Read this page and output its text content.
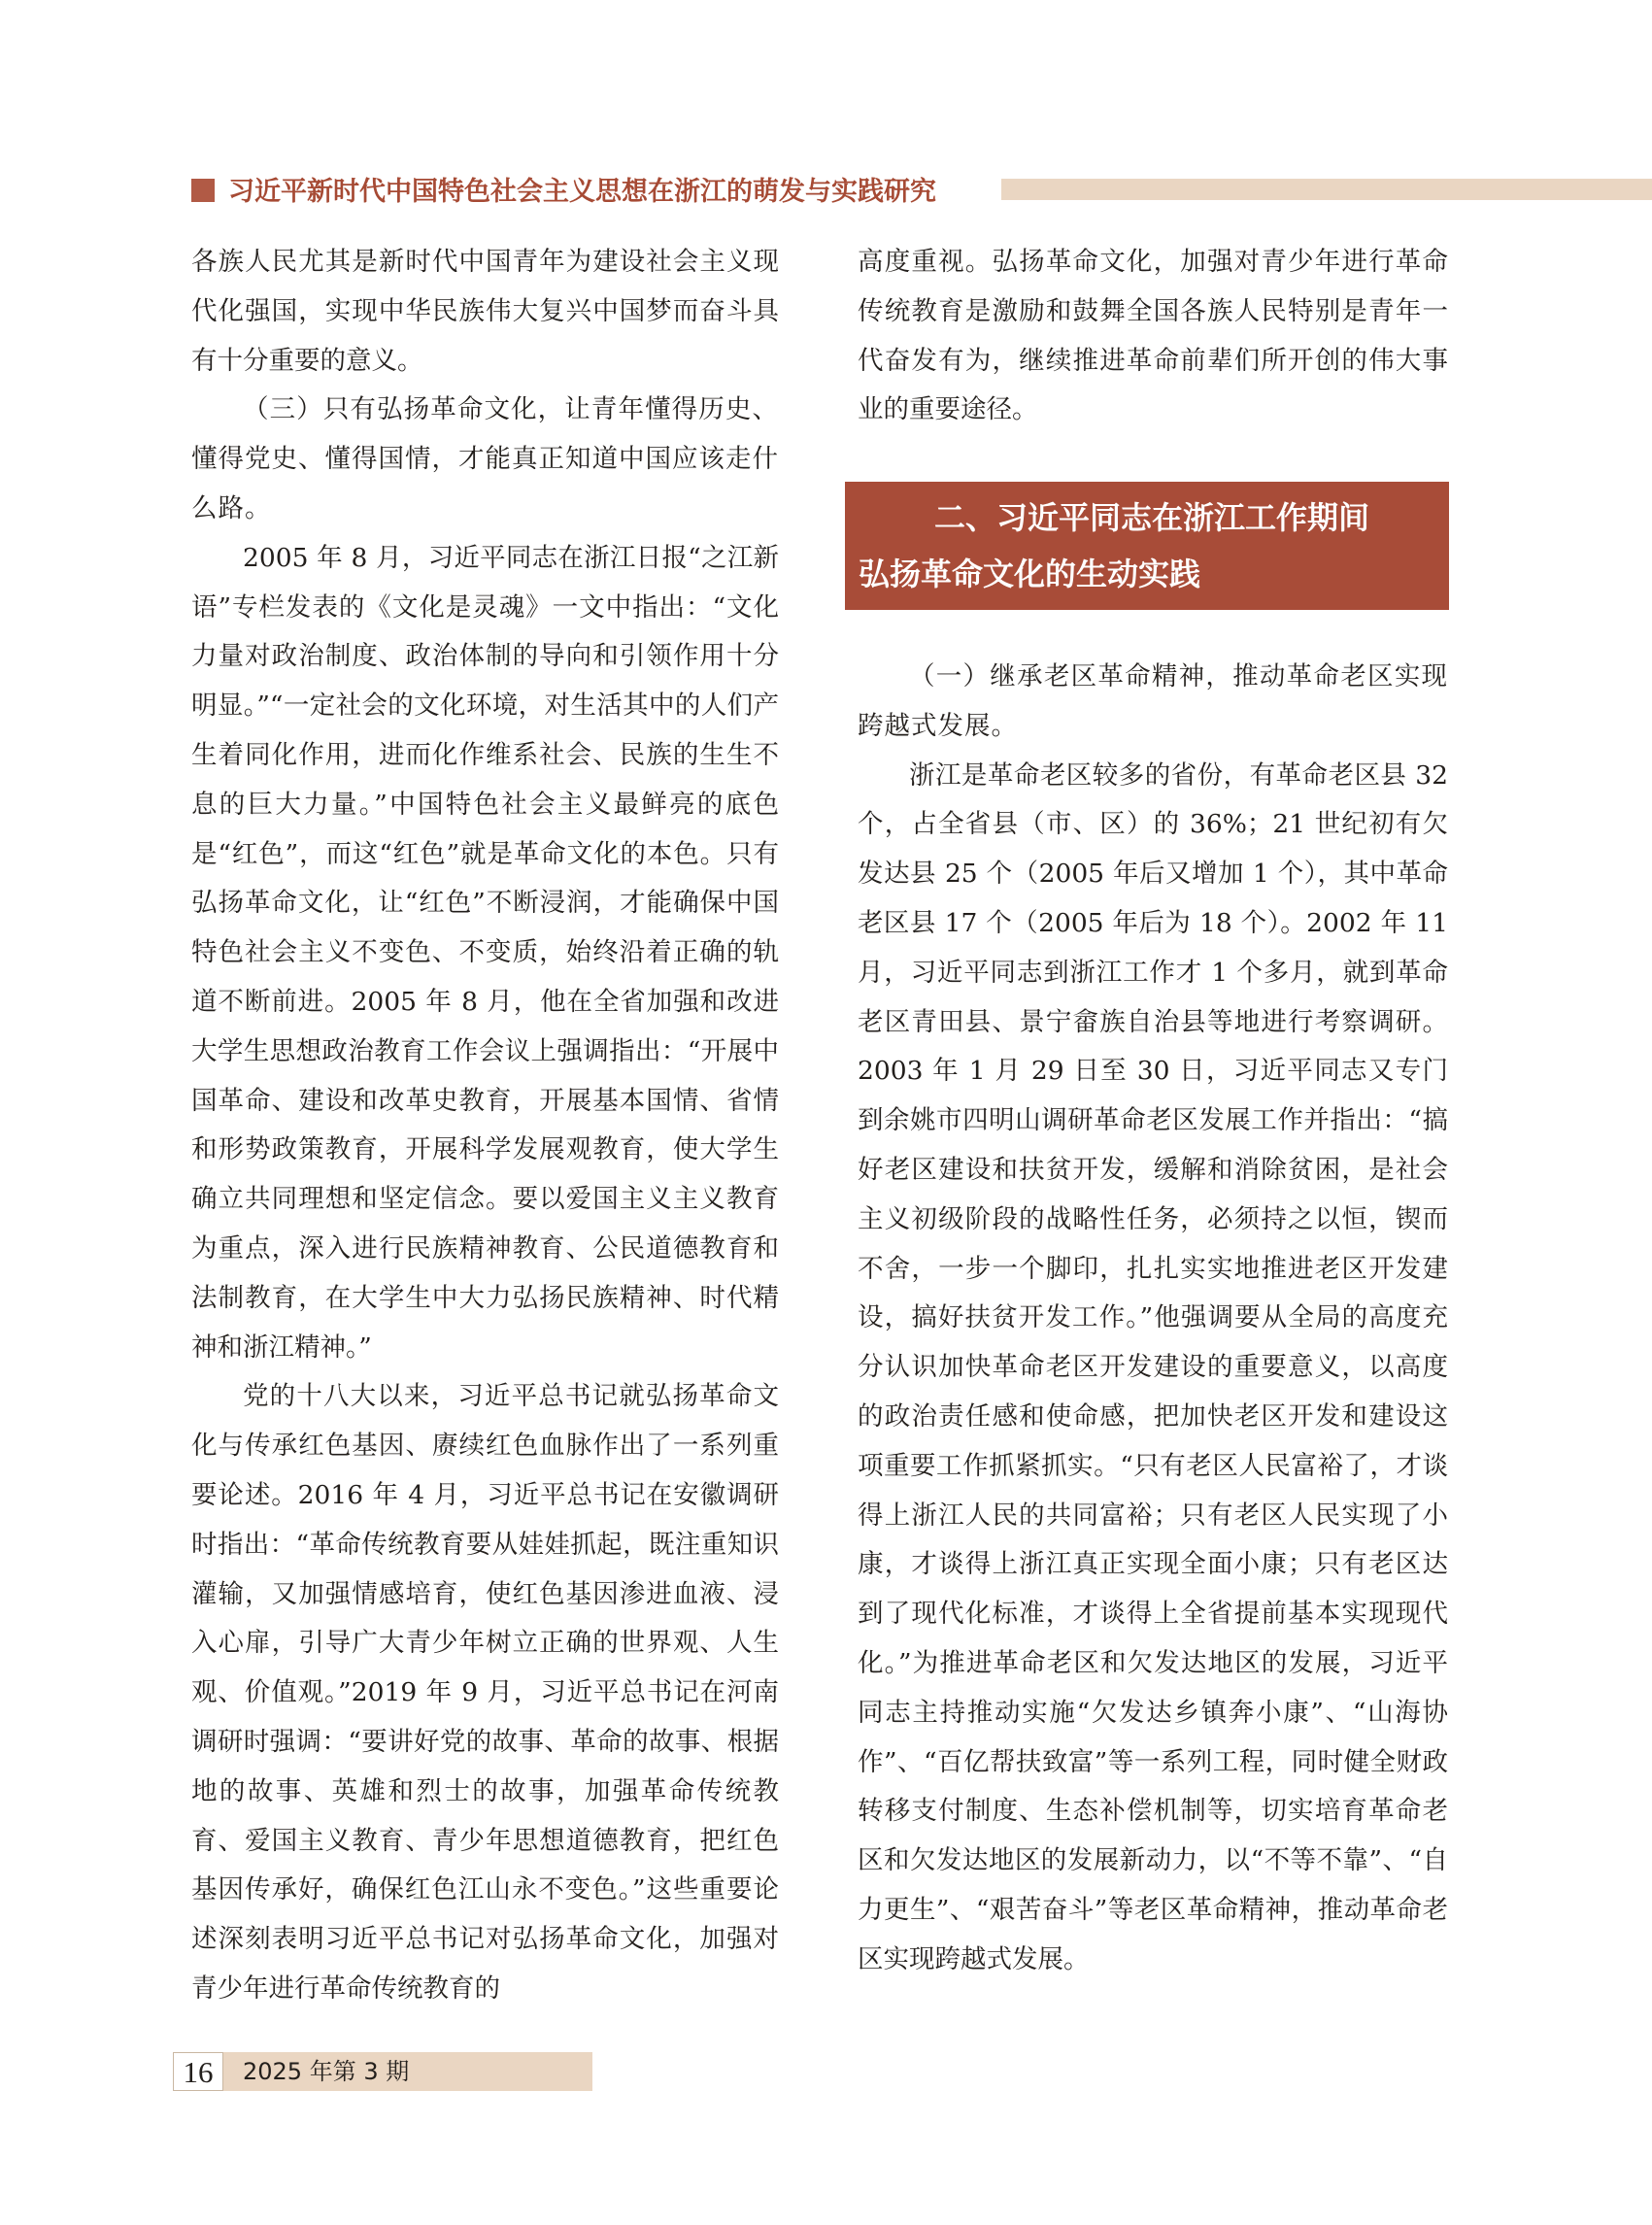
习近平新时代中国特色社会主义思想在浙江的萌发与实践研究

各族人民尤其是新时代中国青年为建设社会主义现代化强国，实现中华民族伟大复兴中国梦而奋斗具有十分重要的意义。

（三）只有弘扬革命文化，让青年懂得历史、懂得党史、懂得国情，才能真正知道中国应该走什么路。

2005 年 8 月，习近平同志在浙江日报“之江新语”专栏发表的《文化是灵魂》一文中指出：“文化力量对政治制度、政治体制的导向和引领作用十分明显。”“一定社会的文化环境，对生活其中的人们产生着同化作用，进而化作维系社会、民族的生生不息的巨大力量。”中国特色社会主义最鲜亮的底色是“红色”，而这“红色”就是革命文化的本色。只有弘扬革命文化，让“红色”不断浸润，才能确保中国特色社会主义不变色、不变质，始终沿着正确的轨道不断前进。2005 年 8 月，他在全省加强和改进大学生思想政治教育工作会议上强调指出：“开展中国革命、建设和改革史教育，开展基本国情、省情和形势政策教育，开展科学发展观教育，使大学生确立共同理想和坚定信念。要以爱国主义主义教育为重点，深入进行民族精神教育、公民道德教育和法制教育，在大学生中大力弘扬民族精神、时代精神和浙江精神。”

党的十八大以来，习近平总书记就弘扬革命文化与传承红色基因、赓续红色血脉作出了一系列重要论述。2016 年 4 月，习近平总书记在安徽调研时指出：“革命传统教育要从娃娃抓起，既注重知识灌输，又加强情感培育，使红色基因渗进血液、浸入心扉，引导广大青少年树立正确的世界观、人生观、价值观。”2019 年 9 月，习近平总书记在河南调研时强调：“要讲好党的故事、革命的故事、根据地的故事、英雄和烈士的故事，加强革命传统教育、爱国主义教育、青少年思想道德教育，把红色基因传承好，确保红色江山永不变色。”这些重要论述深刻表明习近平总书记对弘扬革命文化，加强对青少年进行革命传统教育的

高度重视。弘扬革命文化，加强对青少年进行革命传统教育是激励和鼓舞全国各族人民特别是青年一代奋发有为，继续推进革命前辈们所开创的伟大事业的重要途径。

二、习近平同志在浙江工作期间
弘扬革命文化的生动实践

（一）继承老区革命精神，推动革命老区实现跨越式发展。

浙江是革命老区较多的省份，有革命老区县 32 个，占全省县（市、区）的 36%；21 世纪初有欠发达县 25 个（2005 年后又增加 1 个），其中革命老区县 17 个（2005 年后为 18 个）。2002 年 11 月，习近平同志到浙江工作才 1 个多月，就到革命老区青田县、景宁畲族自治县等地进行考察调研。2003 年 1 月 29 日至 30 日，习近平同志又专门到余姚市四明山调研革命老区发展工作并指出：“搞好老区建设和扶贫开发，缓解和消除贫困，是社会主义初级阶段的战略性任务，必须持之以恒，锲而不舍，一步一个脚印，扎扎实实地推进老区开发建设，搞好扶贫开发工作。”他强调要从全局的高度充分认识加快革命老区开发建设的重要意义，以高度的政治责任感和使命感，把加快老区开发和建设这项重要工作抓紧抓实。“只有老区人民富裕了，才谈得上浙江人民的共同富裕；只有老区人民实现了小康，才谈得上浙江真正实现全面小康；只有老区达到了现代化标准，才谈得上全省提前基本实现现代化。”为推进革命老区和欠发达地区的发展，习近平同志主持推动实施“欠发达乡镇奔小康”、“山海协作”、“百亿帮扶致富”等一系列工程，同时健全财政转移支付制度、生态补偿机制等，切实培育革命老区和欠发达地区的发展新动力，以“不等不靠”、“自力更生”、“艰苦奋斗”等老区革命精神，推动革命老区实现跨越式发展。

16	2025 年第 3 期
